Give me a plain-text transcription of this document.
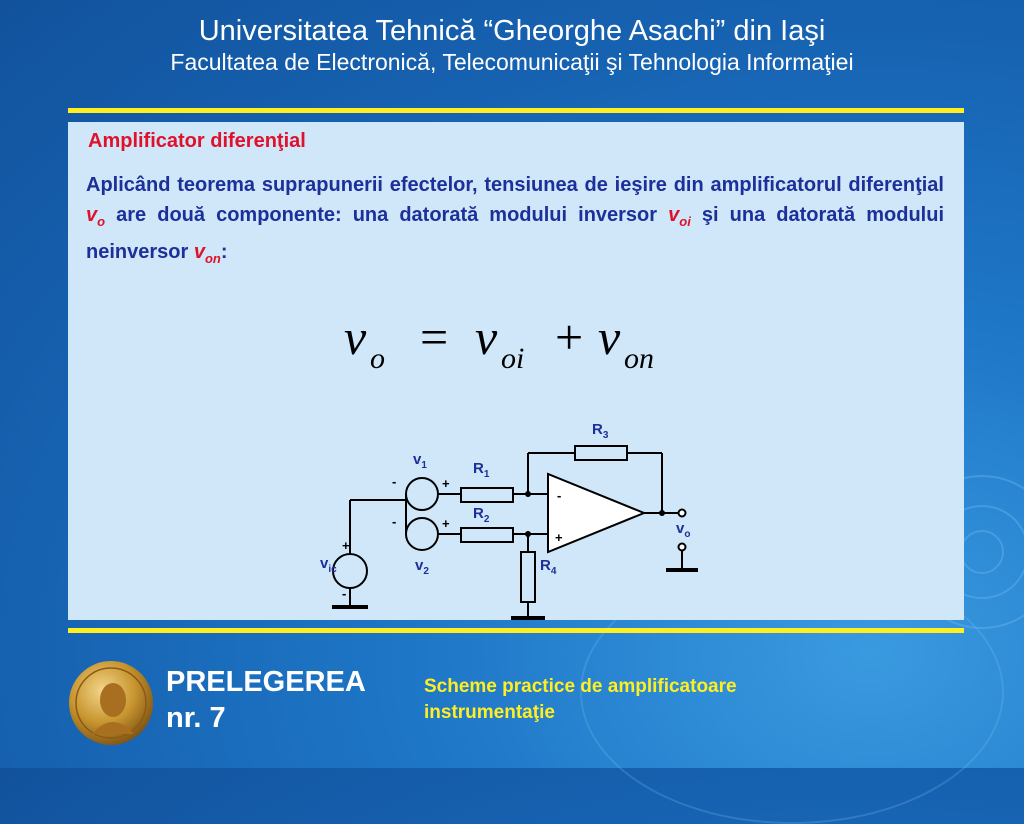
Universitatea Tehnică “Gheorghe Asachi” din Iaşi
Facultatea de Electronică, Telecomunicaţii şi Tehnologia Informaţiei
Amplificator diferenţial
Aplicând teorema suprapunerii efectelor, tensiunea de ieşire din amplificatorul diferenţial $v_o$ are două componente: una datorată modului inversor $v_{oi}$ şi una datorată modului neinversor $v_{on}$:
v o = v oi + v on
$R_1$
$R_2$
$R_3$
$R_4$
$v_1$
$v_2$
$v_{ic}$
$v_o$
-	+
-	+
+
-
-
+
PRELEGEREA
nr. 7
Scheme practice de amplificatoare
instrumentaţie
